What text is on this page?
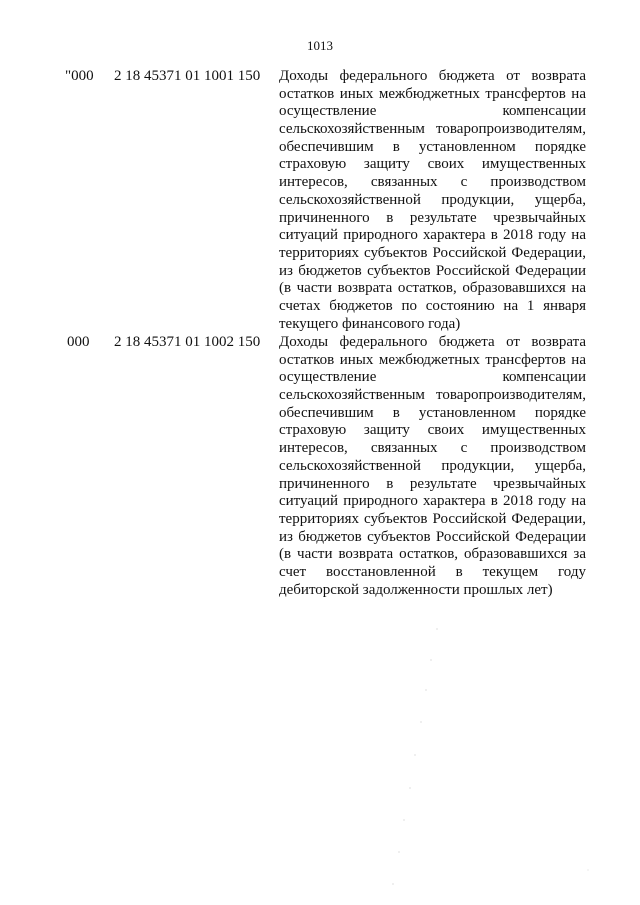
1013
"000 2 18 45371 01 1001 150 Доходы федерального бюджета от возврата
остатков иных межбюджетных трансфертов на
осуществление компенсации
сельскохозяйственным товаропроизводителям,
обеспечившим в установленном порядке
страховую защиту своих имущественных
интересов, связанных с производством
сельскохозяйственной продукции, ущерба,
причиненного в результате чрезвычайных
ситуаций природного характера в 2018 году на
территориях субъектов Российской Федерации,
из бюджетов субъектов Российской Федерации
(в части возврата остатков, образовавшихся на
счетах бюджетов по состоянию на 1 января
текущего финансового года)
000 2 18 45371 01 1002 150 Доходы федерального бюджета от возврата
остатков иных межбюджетных трансфертов на
осуществление компенсации
сельскохозяйственным товаропроизводителям,
обеспечившим в установленном порядке
страховую защиту своих имущественных
интересов, связанных с производством
сельскохозяйственной продукции, ущерба,
причиненного в результате чрезвычайных
ситуаций природного характера в 2018 году на
территориях субъектов Российской Федерации,
из бюджетов субъектов Российской Федерации
(в части возврата остатков, образовавшихся за
счет восстановленной в текущем году
дебиторской задолженности прошлых лет)
